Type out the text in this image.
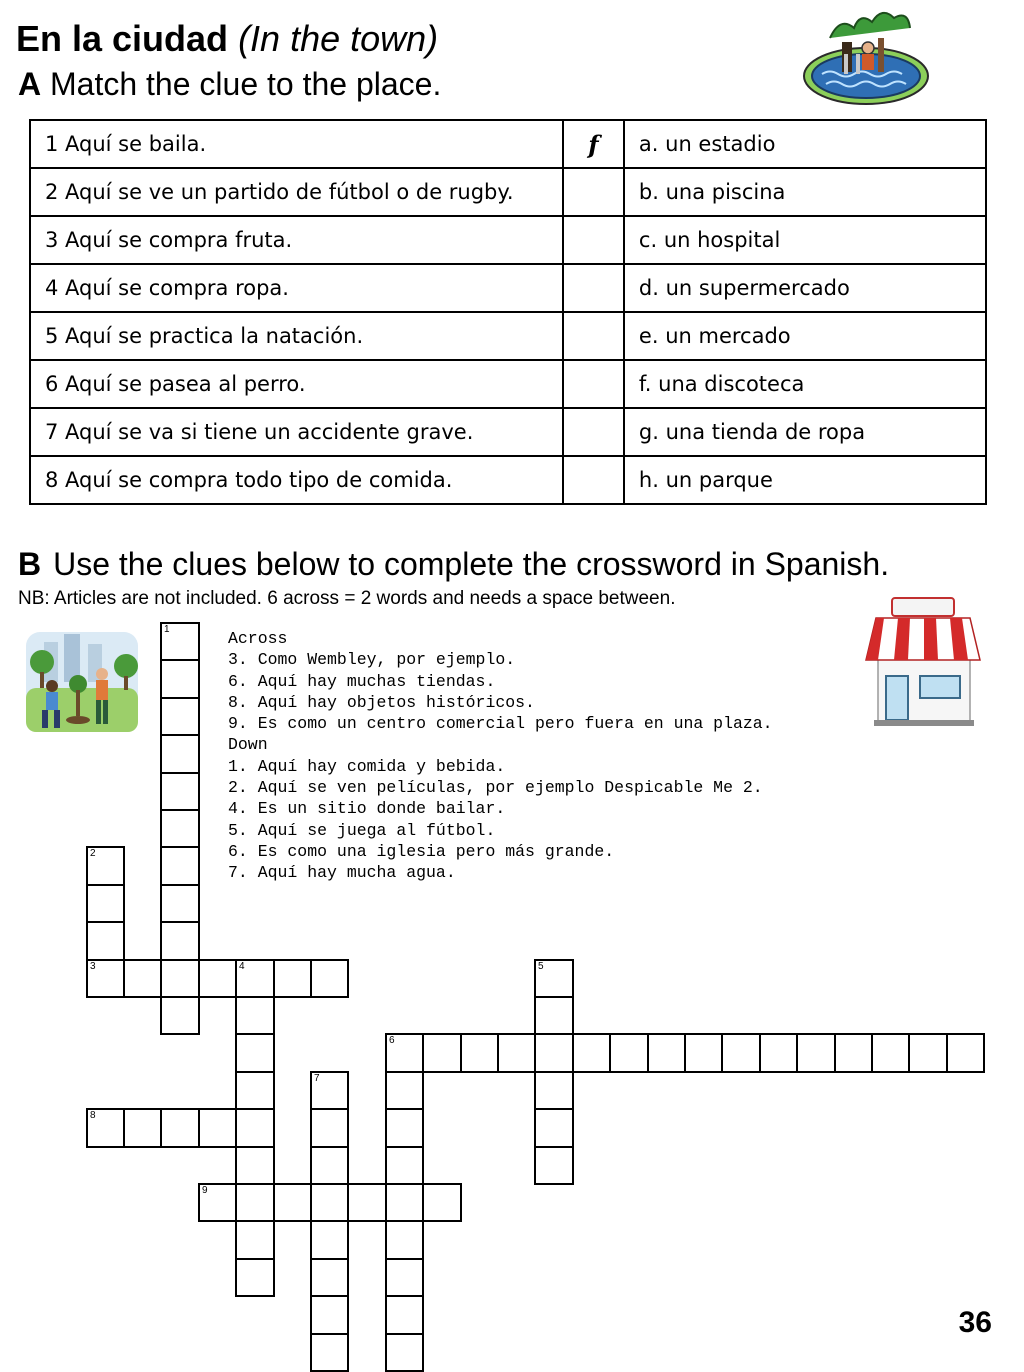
En la ciudad (In the town)
A Match the clue to the place.
1 Aquí se baila.	f	a. un estadio
2 Aquí se ve un partido de fútbol o de rugby.		b. una piscina
3 Aquí se compra fruta.		c. un hospital
4 Aquí se compra ropa.		d. un supermercado
5 Aquí se practica la natación.		e. un mercado
6 Aquí se pasea al perro.		f. una discoteca
7 Aquí se va si tiene un accidente grave.		g. una tienda de ropa
8 Aquí se compra todo tipo de comida.		h. un parque
B Use the clues below to complete the crossword in Spanish.
NB: Articles are not included. 6 across = 2 words and needs a space between.
Across
3. Como Wembley, por ejemplo.
6. Aquí hay muchas tiendas.
8. Aquí hay objetos históricos.
9. Es como un centro comercial pero fuera en una plaza.
Down
1. Aquí hay comida y bebida.
2. Aquí se ven películas, por ejemplo Despicable Me 2.
4. Es un sitio donde bailar.
5. Aquí se juega al fútbol.
6. Es como una iglesia pero más grande.
7. Aquí hay mucha agua.
1
2
3	4	5
6
7
8
9
36
